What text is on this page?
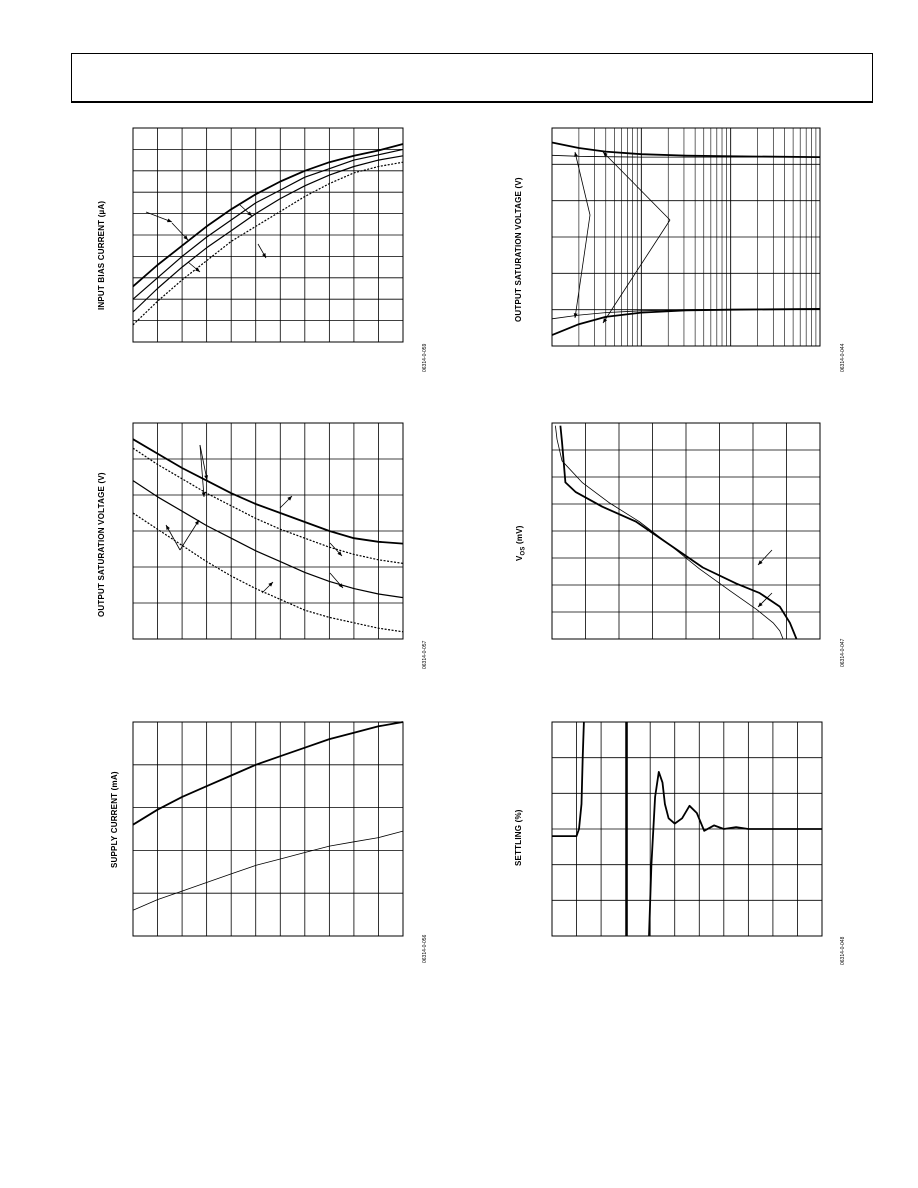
INPUT BIAS CURRENT (µA)
06314-0-059
OUTPUT SATURATION VOLTAGE (V)
06314-0-044
OUTPUT SATURATION VOLTAGE (V)
06314-0-057
$V_{OS}$ (mV)
06314-0-047
SUPPLY CURRENT (mA)
06314-0-056
SETTLING (%)
06314-0-048
